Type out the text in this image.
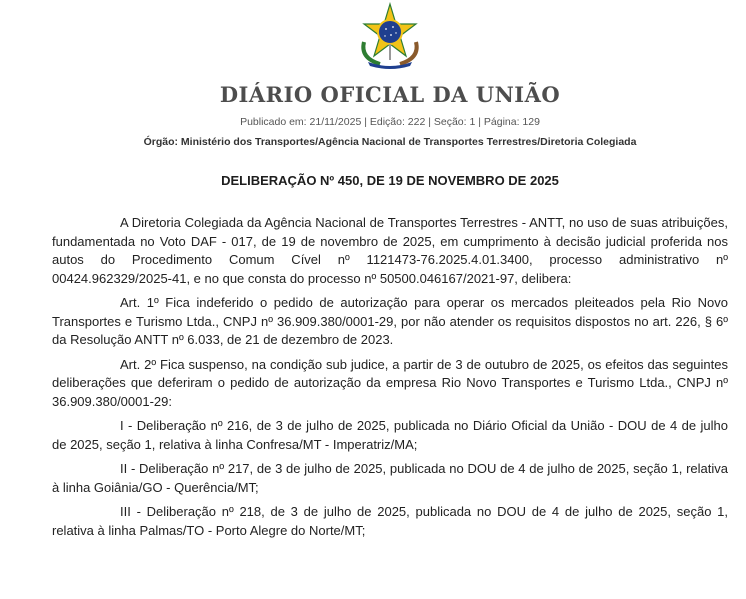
DIÁRIO OFICIAL DA UNIÃO
Publicado em: 21/11/2025 | Edição: 222 | Seção: 1 | Página: 129
Órgão: Ministério dos Transportes/Agência Nacional de Transportes Terrestres/Diretoria Colegiada
DELIBERAÇÃO Nº 450, DE 19 DE NOVEMBRO DE 2025

A Diretoria Colegiada da Agência Nacional de Transportes Terrestres - ANTT, no uso de suas atribuições, fundamentada no Voto DAF - 017, de 19 de novembro de 2025, em cumprimento à decisão judicial proferida nos autos do Procedimento Comum Cível nº 1121473-76.2025.4.01.3400, processo administrativo nº 00424.962329/2025-41, e no que consta do processo nº 50500.046167/2021-97, delibera:

Art. 1º Fica indeferido o pedido de autorização para operar os mercados pleiteados pela Rio Novo Transportes e Turismo Ltda., CNPJ nº 36.909.380/0001-29, por não atender os requisitos dispostos no art. 226, § 6º da Resolução ANTT nº 6.033, de 21 de dezembro de 2023.

Art. 2º Fica suspenso, na condição sub judice, a partir de 3 de outubro de 2025, os efeitos das seguintes deliberações que deferiram o pedido de autorização da empresa Rio Novo Transportes e Turismo Ltda., CNPJ nº 36.909.380/0001-29:

I - Deliberação nº 216, de 3 de julho de 2025, publicada no Diário Oficial da União - DOU de 4 de julho de 2025, seção 1, relativa à linha Confresa/MT - Imperatriz/MA;

II - Deliberação nº 217, de 3 de julho de 2025, publicada no DOU de 4 de julho de 2025, seção 1, relativa à linha Goiânia/GO - Querência/MT;

III - Deliberação nº 218, de 3 de julho de 2025, publicada no DOU de 4 de julho de 2025, seção 1, relativa à linha Palmas/TO - Porto Alegre do Norte/MT;
